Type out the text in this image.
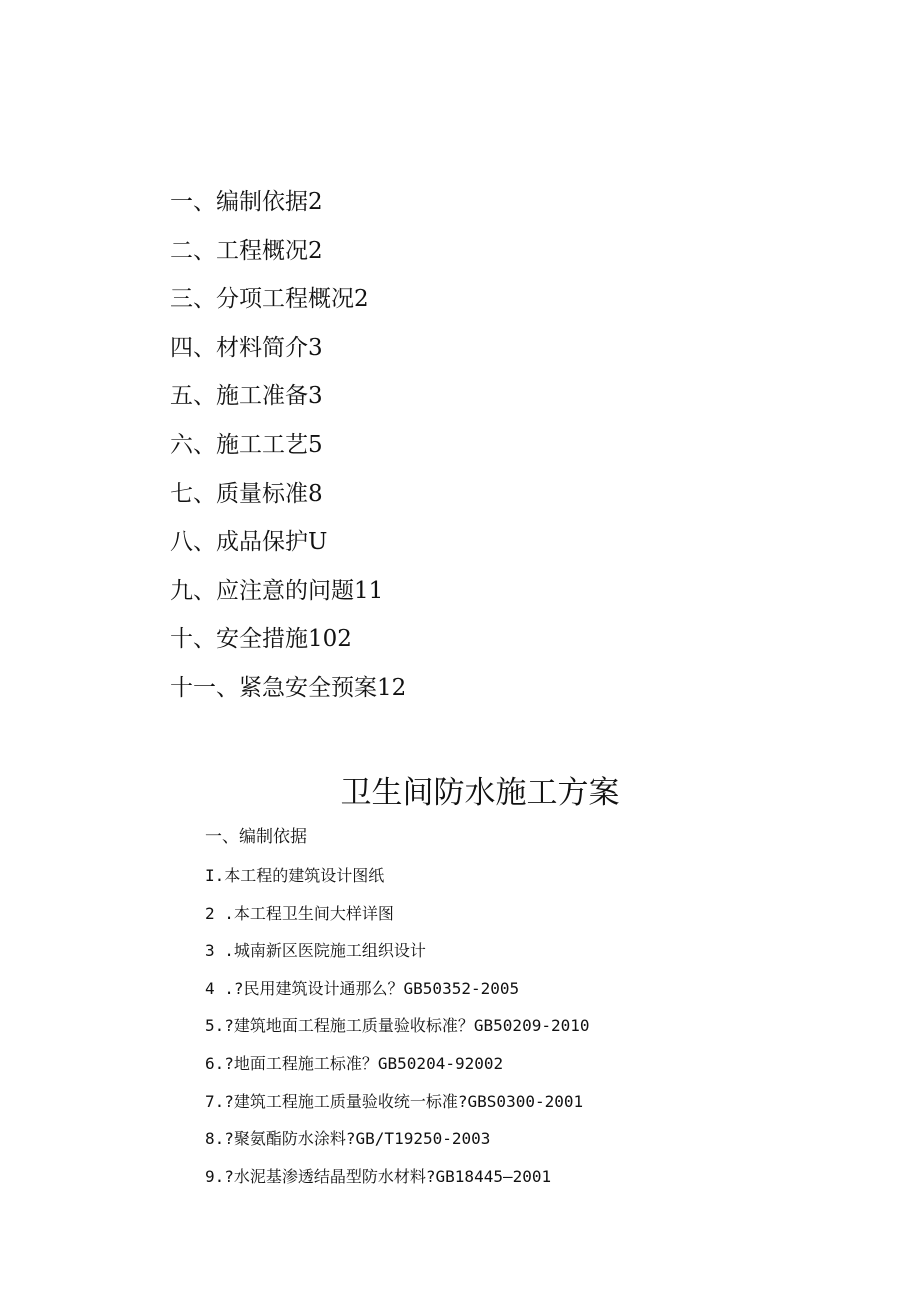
一、编制依据2
二、工程概况2
三、分项工程概况2
四、材料简介3
五、施工准备3
六、施工工艺5
七、质量标准8
八、成品保护U
九、应注意的问题11
十、安全措施102
十一、紧急安全预案12
卫生间防水施工方案
一、编制依据
I.本工程的建筑设计图纸
2 .本工程卫生间大样详图
3 .城南新区医院施工组织设计
4 .?民用建筑设计通那么？GB50352-2005
5.?建筑地面工程施工质量验收标准？GB50209-2010
6.?地面工程施工标准？GB50204-92002
7.?建筑工程施工质量验收统一标准?GBS0300-2001
8.?聚氨酯防水涂料?GB/T19250-2003
9.?水泥基渗透结晶型防水材料?GB18445—2001
